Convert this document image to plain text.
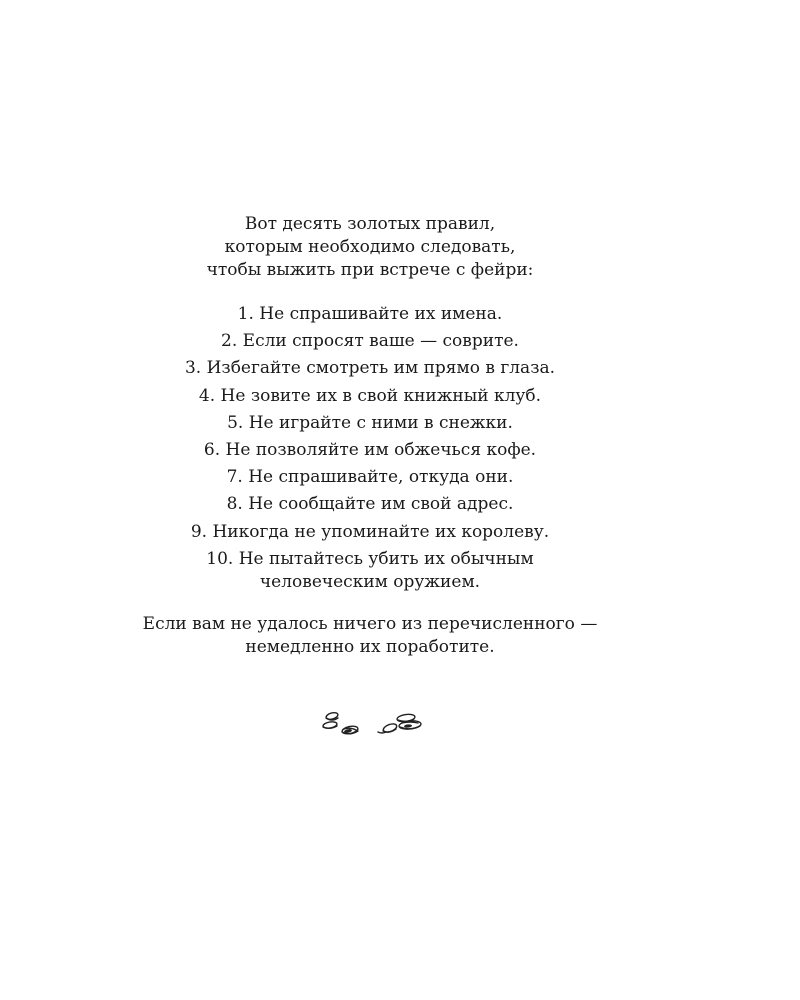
Вот десять золотых правил,
которым необходимо следовать,
чтобы выжить при встрече с фейри:
1. Не спрашивайте их имена.
2. Если спросят ваше — соврите.
3. Избегайте смотреть им прямо в глаза.
4. Не зовите их в свой книжный клуб.
5. Не играйте с ними в снежки.
6. Не позволяйте им обжечься кофе.
7. Не спрашивайте, откуда они.
8. Не сообщайте им свой адрес.
9. Никогда не упоминайте их королеву.
10. Не пытайтесь убить их обычным
человеческим оружием.
Если вам не удалось ничего из перечисленного —
немедленно их поработите.
